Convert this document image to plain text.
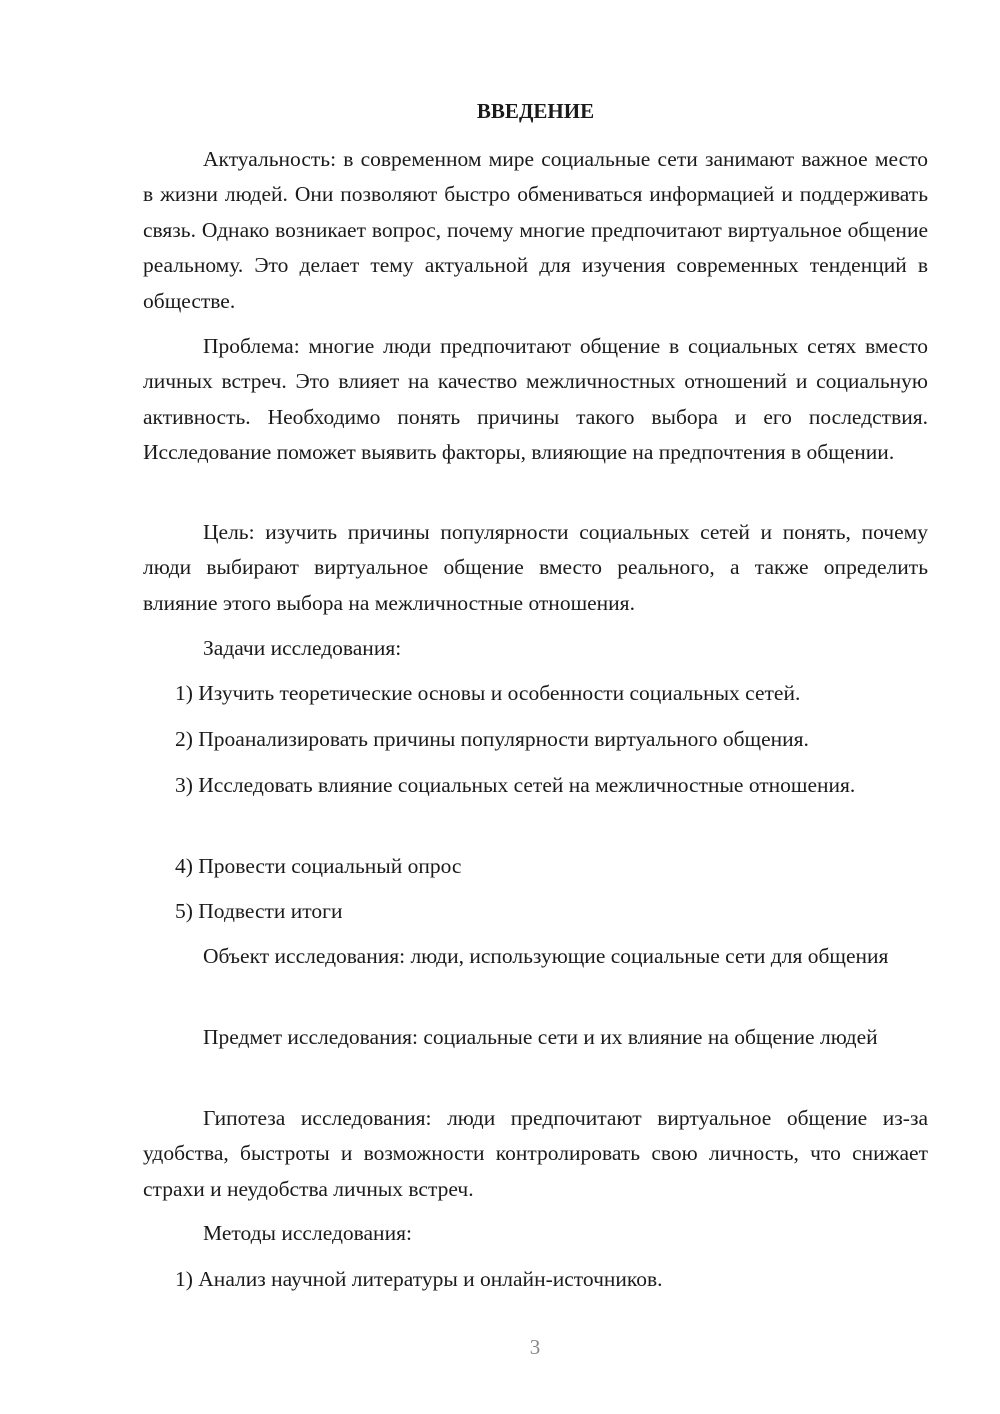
ВВЕДЕНИЕ

Актуальность: в современном мире социальные сети занимают важное место в жизни людей. Они позволяют быстро обмениваться информацией и поддерживать связь. Однако возникает вопрос, почему многие предпочитают виртуальное общение реальному. Это делает тему актуальной для изучения современных тенденций в обществе.

Проблема: многие люди предпочитают общение в социальных сетях вместо личных встреч. Это влияет на качество межличностных отношений и социальную активность. Необходимо понять причины такого выбора и его последствия. Исследование поможет выявить факторы, влияющие на предпочтения в общении.

Цель: изучить причины популярности социальных сетей и понять, почему люди выбирают виртуальное общение вместо реального, а также определить влияние этого выбора на межличностные отношения.

Задачи исследования:

1) Изучить теоретические основы и особенности социальных сетей.

2) Проанализировать причины популярности виртуального общения.

3) Исследовать влияние социальных сетей на межличностные отношения.

4) Провести социальный опрос

5) Подвести итоги

Объект исследования: люди, использующие социальные сети для общения

Предмет исследования: социальные сети и их влияние на общение людей

Гипотеза исследования: люди предпочитают виртуальное общение из-за удобства, быстроты и возможности контролировать свою личность, что снижает страхи и неудобства личных встреч.

Методы исследования:

1) Анализ научной литературы и онлайн-источников.

3
